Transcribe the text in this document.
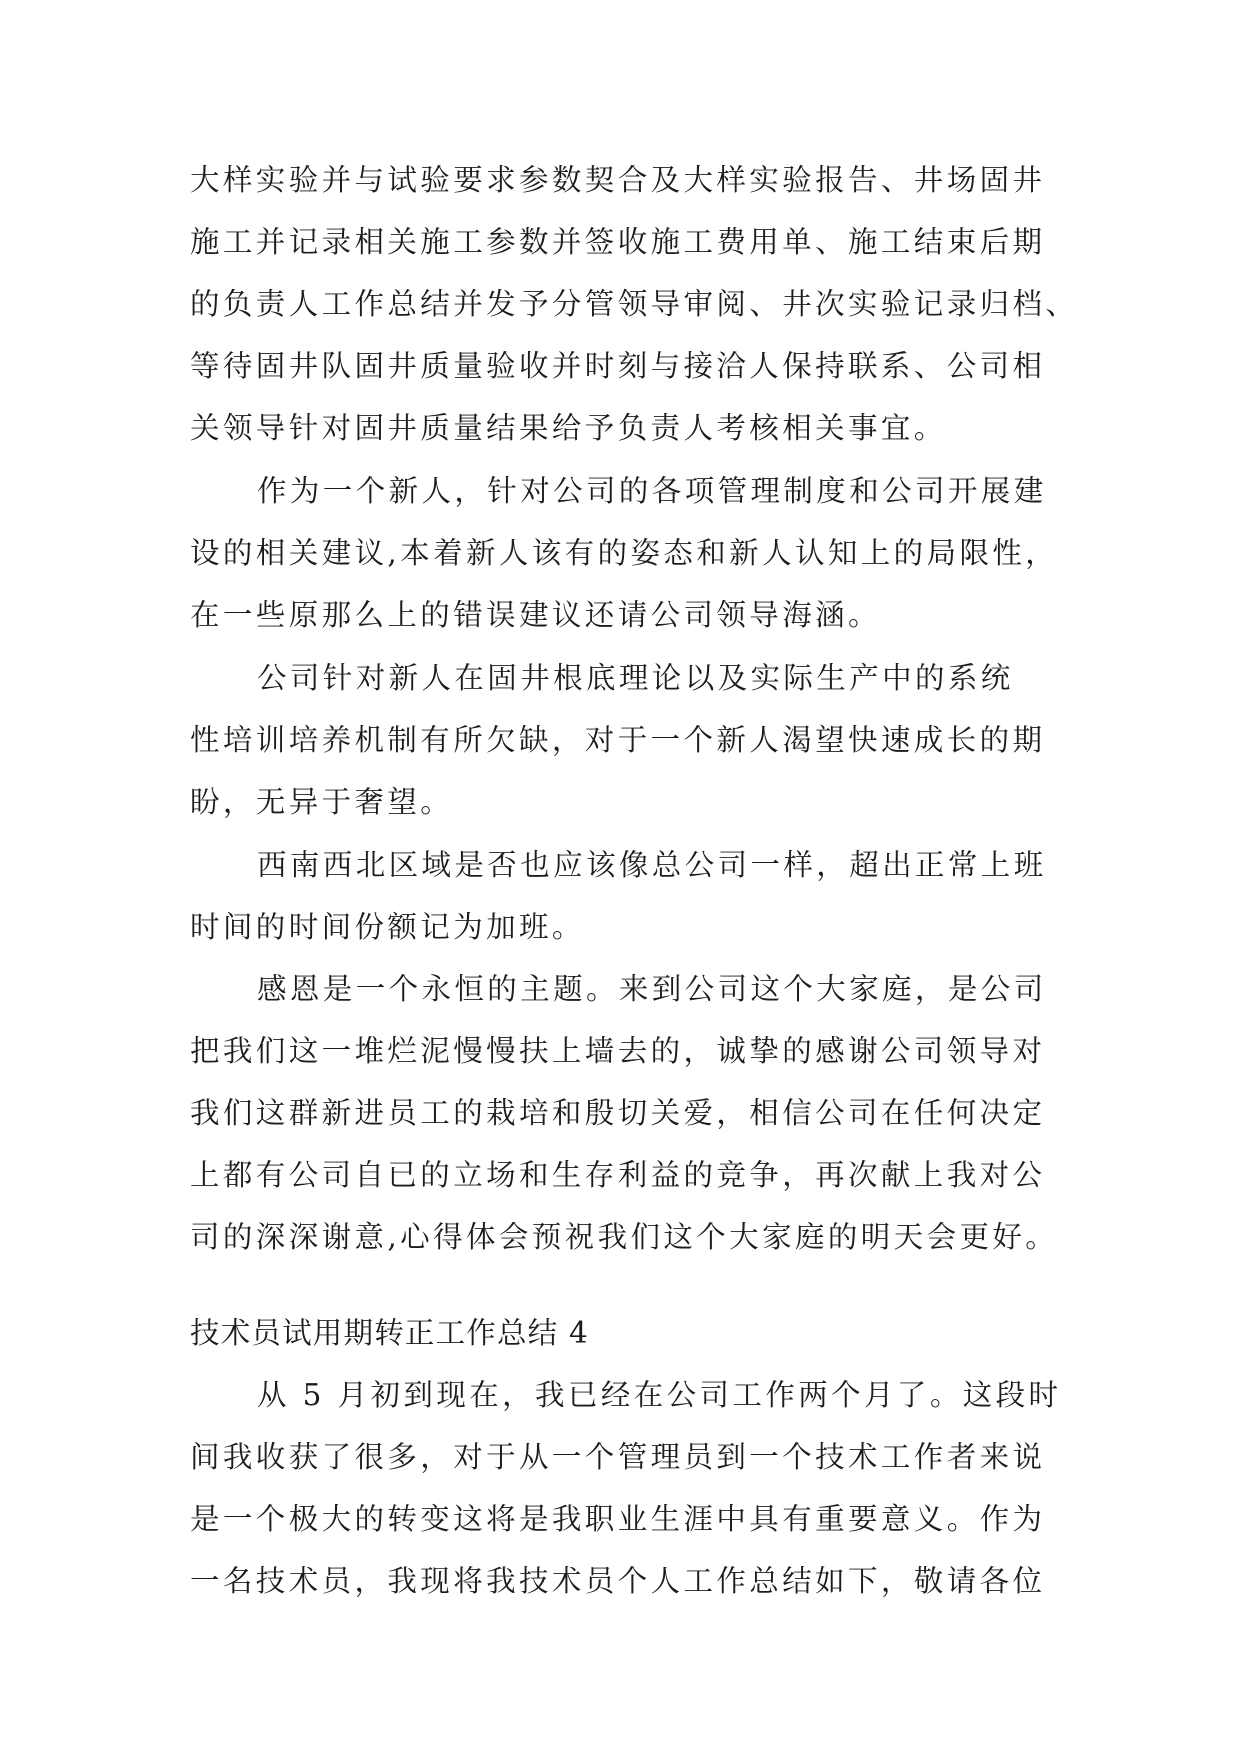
大样实验并与试验要求参数契合及大样实验报告、井场固井
施工并记录相关施工参数并签收施工费用单、施工结束后期
的负责人工作总结并发予分管领导审阅、井次实验记录归档、
等待固井队固井质量验收并时刻与接洽人保持联系、公司相
关领导针对固井质量结果给予负责人考核相关事宜。
作为一个新人，针对公司的各项管理制度和公司开展建
设的相关建议,本着新人该有的姿态和新人认知上的局限性，
在一些原那么上的错误建议还请公司领导海涵。
公司针对新人在固井根底理论以及实际生产中的系统
性培训培养机制有所欠缺，对于一个新人渴望快速成长的期
盼，无异于奢望。
西南西北区域是否也应该像总公司一样，超出正常上班
时间的时间份额记为加班。
感恩是一个永恒的主题。来到公司这个大家庭，是公司
把我们这一堆烂泥慢慢扶上墙去的，诚挚的感谢公司领导对
我们这群新进员工的栽培和殷切关爱，相信公司在任何决定
上都有公司自已的立场和生存利益的竞争，再次献上我对公
司的深深谢意,心得体会预祝我们这个大家庭的明天会更好。
技术员试用期转正工作总结 4
从 5 月初到现在，我已经在公司工作两个月了。这段时
间我收获了很多，对于从一个管理员到一个技术工作者来说
是一个极大的转变这将是我职业生涯中具有重要意义。作为
一名技术员，我现将我技术员个人工作总结如下，敬请各位
